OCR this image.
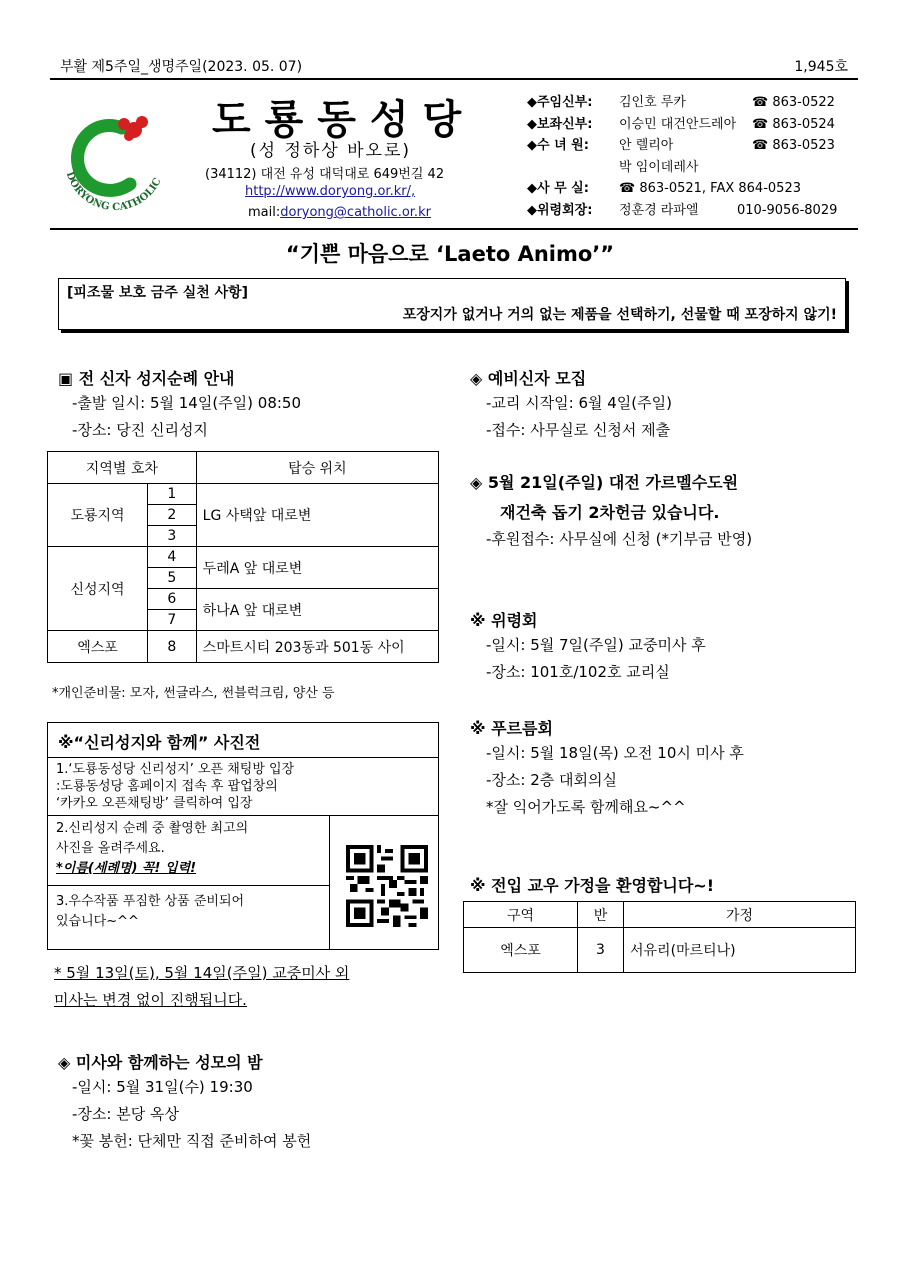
부활 제5주일_생명주일(2023. 05. 07)	1,945호
DORYONG CATHOLIC
도룡동성당
(성 정하상 바오로)
(34112) 대전 유성 대덕대로 649번길 42
http://www.doryong.or.kr/,
mail:doryong@catholic.or.kr
◆주임신부:	김인호 루카	☎ 863-0522
◆보좌신부:	이승민 대건안드레아	☎ 863-0524
◆수 녀 원:	안 렐리아	☎ 863-0523
박 임이데레사
◆사 무 실:	☎ 863-0521, FAX 864-0523
◆위령회장:	정훈경 라파엘	010-9056-8029
“기쁜 마음으로 ‘Laeto Animo’”
[피조물 보호 금주 실천 사항]
포장지가 없거나 거의 없는 제품을 선택하기, 선물할 때 포장하지 않기!
▣ 전 신자 성지순례 안내
-출발 일시: 5월 14일(주일) 08:50
-장소: 당진 신리성지
지역별 호차		탑승 위치
도룡지역	1	LG 사택앞 대로변
	2	
	3	
신성지역	4	두레A 앞 대로변
	5	
	6	하나A 앞 대로변
	7	
엑스포	8	스마트시티 203동과 501동 사이
*개인준비물: 모자, 썬글라스, 썬블럭크림, 양산 등
※“신리성지와 함께” 사진전
1.‘도룡동성당 신리성지’ 오픈 채팅방 입장
:도룡동성당 홈페이지 접속 후 팝업창의
‘카카오 오픈채팅방’ 클릭하여 입장
2.신리성지 순례 중 촬영한 최고의
사진을 올려주세요.
*이름(세례명) 꼭! 입력!
3.우수작품 푸짐한 상품 준비되어
있습니다~^^
* 5월 13일(토), 5월 14일(주일) 교중미사 외
미사는 변경 없이 진행됩니다.
◈ 미사와 함께하는 성모의 밤
-일시: 5월 31일(수) 19:30
-장소: 본당 옥상
*꽃 봉헌: 단체만 직접 준비하여 봉헌
◈ 예비신자 모집
-교리 시작일: 6월 4일(주일)
-접수: 사무실로 신청서 제출
◈ 5월 21일(주일) 대전 가르멜수도원
재건축 돕기 2차헌금 있습니다.
-후원접수: 사무실에 신청 (*기부금 반영)
※ 위령회
-일시: 5월 7일(주일) 교중미사 후
-장소: 101호/102호 교리실
※ 푸르름회
-일시: 5월 18일(목) 오전 10시 미사 후
-장소: 2층 대회의실
*잘 익어가도록 함께해요~^^
※ 전입 교우 가정을 환영합니다~!
구역	반	가정
엑스포	3	서유리(마르티나)
